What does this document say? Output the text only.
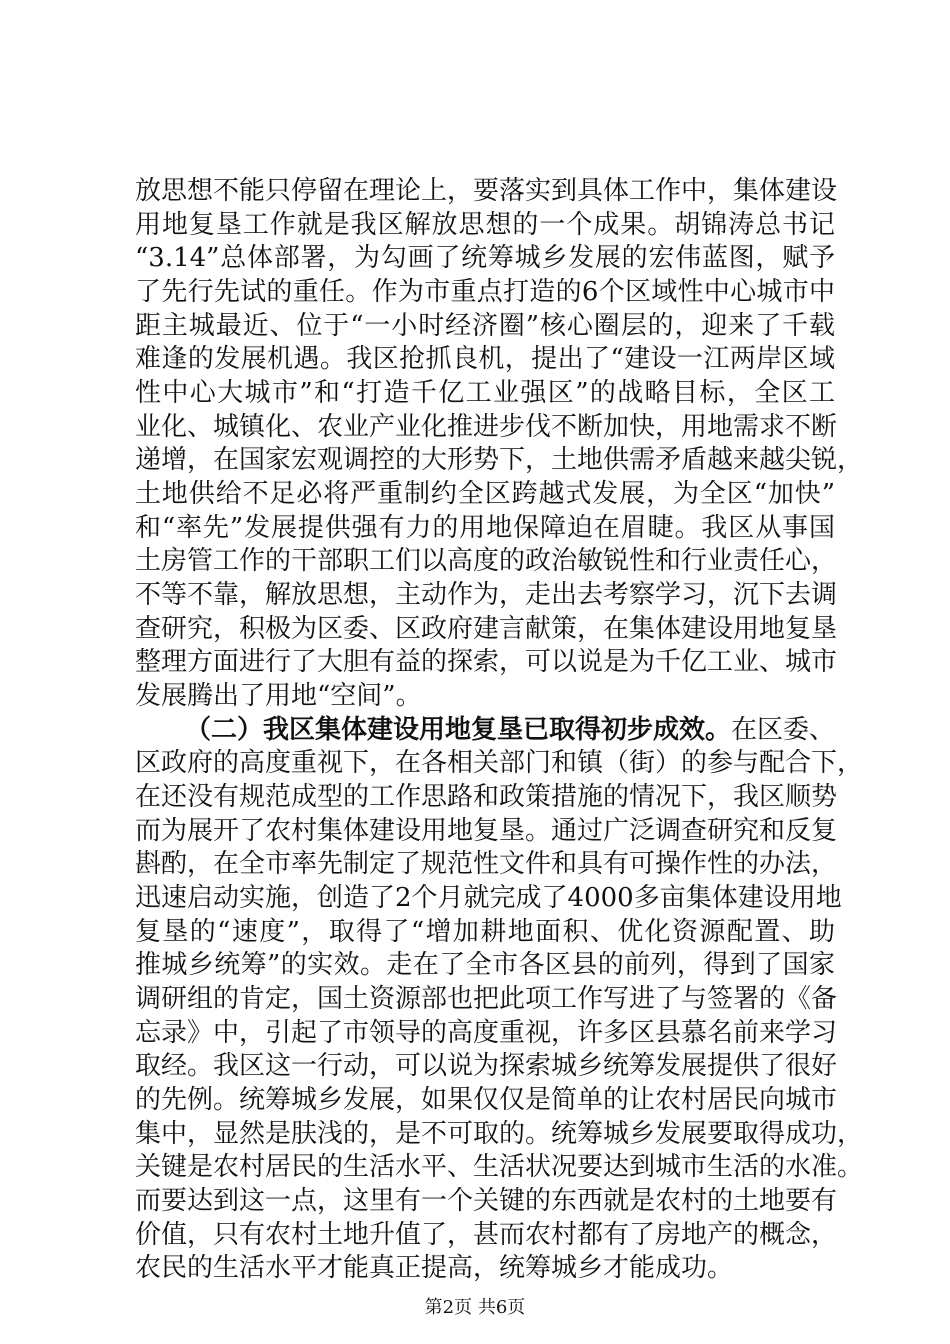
放思想不能只停留在理论上，要落实到具体工作中，集体建设
用地复垦工作就是我区解放思想的一个成果。胡锦涛总书记
“3.14”总体部署，为勾画了统筹城乡发展的宏伟蓝图，赋予
了先行先试的重任。作为市重点打造的6个区域性中心城市中
距主城最近、位于“一小时经济圈”核心圈层的，迎来了千载
难逢的发展机遇。我区抢抓良机，提出了“建设一江两岸区域
性中心大城市”和“打造千亿工业强区”的战略目标，全区工
业化、城镇化、农业产业化推进步伐不断加快，用地需求不断
递增，在国家宏观调控的大形势下，土地供需矛盾越来越尖锐，
土地供给不足必将严重制约全区跨越式发展，为全区“加快”
和“率先”发展提供强有力的用地保障迫在眉睫。我区从事国
土房管工作的干部职工们以高度的政治敏锐性和行业责任心，
不等不靠，解放思想，主动作为，走出去考察学习，沉下去调
查研究，积极为区委、区政府建言献策，在集体建设用地复垦
整理方面进行了大胆有益的探索，可以说是为千亿工业、城市
发展腾出了用地“空间”。
（二）我区集体建设用地复垦已取得初步成效。在区委、
区政府的高度重视下，在各相关部门和镇（街）的参与配合下，
在还没有规范成型的工作思路和政策措施的情况下，我区顺势
而为展开了农村集体建设用地复垦。通过广泛调查研究和反复
斟酌，在全市率先制定了规范性文件和具有可操作性的办法，
迅速启动实施，创造了2个月就完成了4000多亩集体建设用地
复垦的“速度”，取得了“增加耕地面积、优化资源配置、助
推城乡统筹”的实效。走在了全市各区县的前列，得到了国家
调研组的肯定，国土资源部也把此项工作写进了与签署的《备
忘录》中，引起了市领导的高度重视，许多区县慕名前来学习
取经。我区这一行动，可以说为探索城乡统筹发展提供了很好
的先例。统筹城乡发展，如果仅仅是简单的让农村居民向城市
第2页 共6页
集中，显然是肤浅的，是不可取的。统筹城乡发展要取得成功，
关键是农村居民的生活水平、生活状况要达到城市生活的水准。
而要达到这一点，这里有一个关键的东西就是农村的土地要有
价值，只有农村土地升值了，甚而农村都有了房地产的概念，
农民的生活水平才能真正提高，统筹城乡才能成功。
